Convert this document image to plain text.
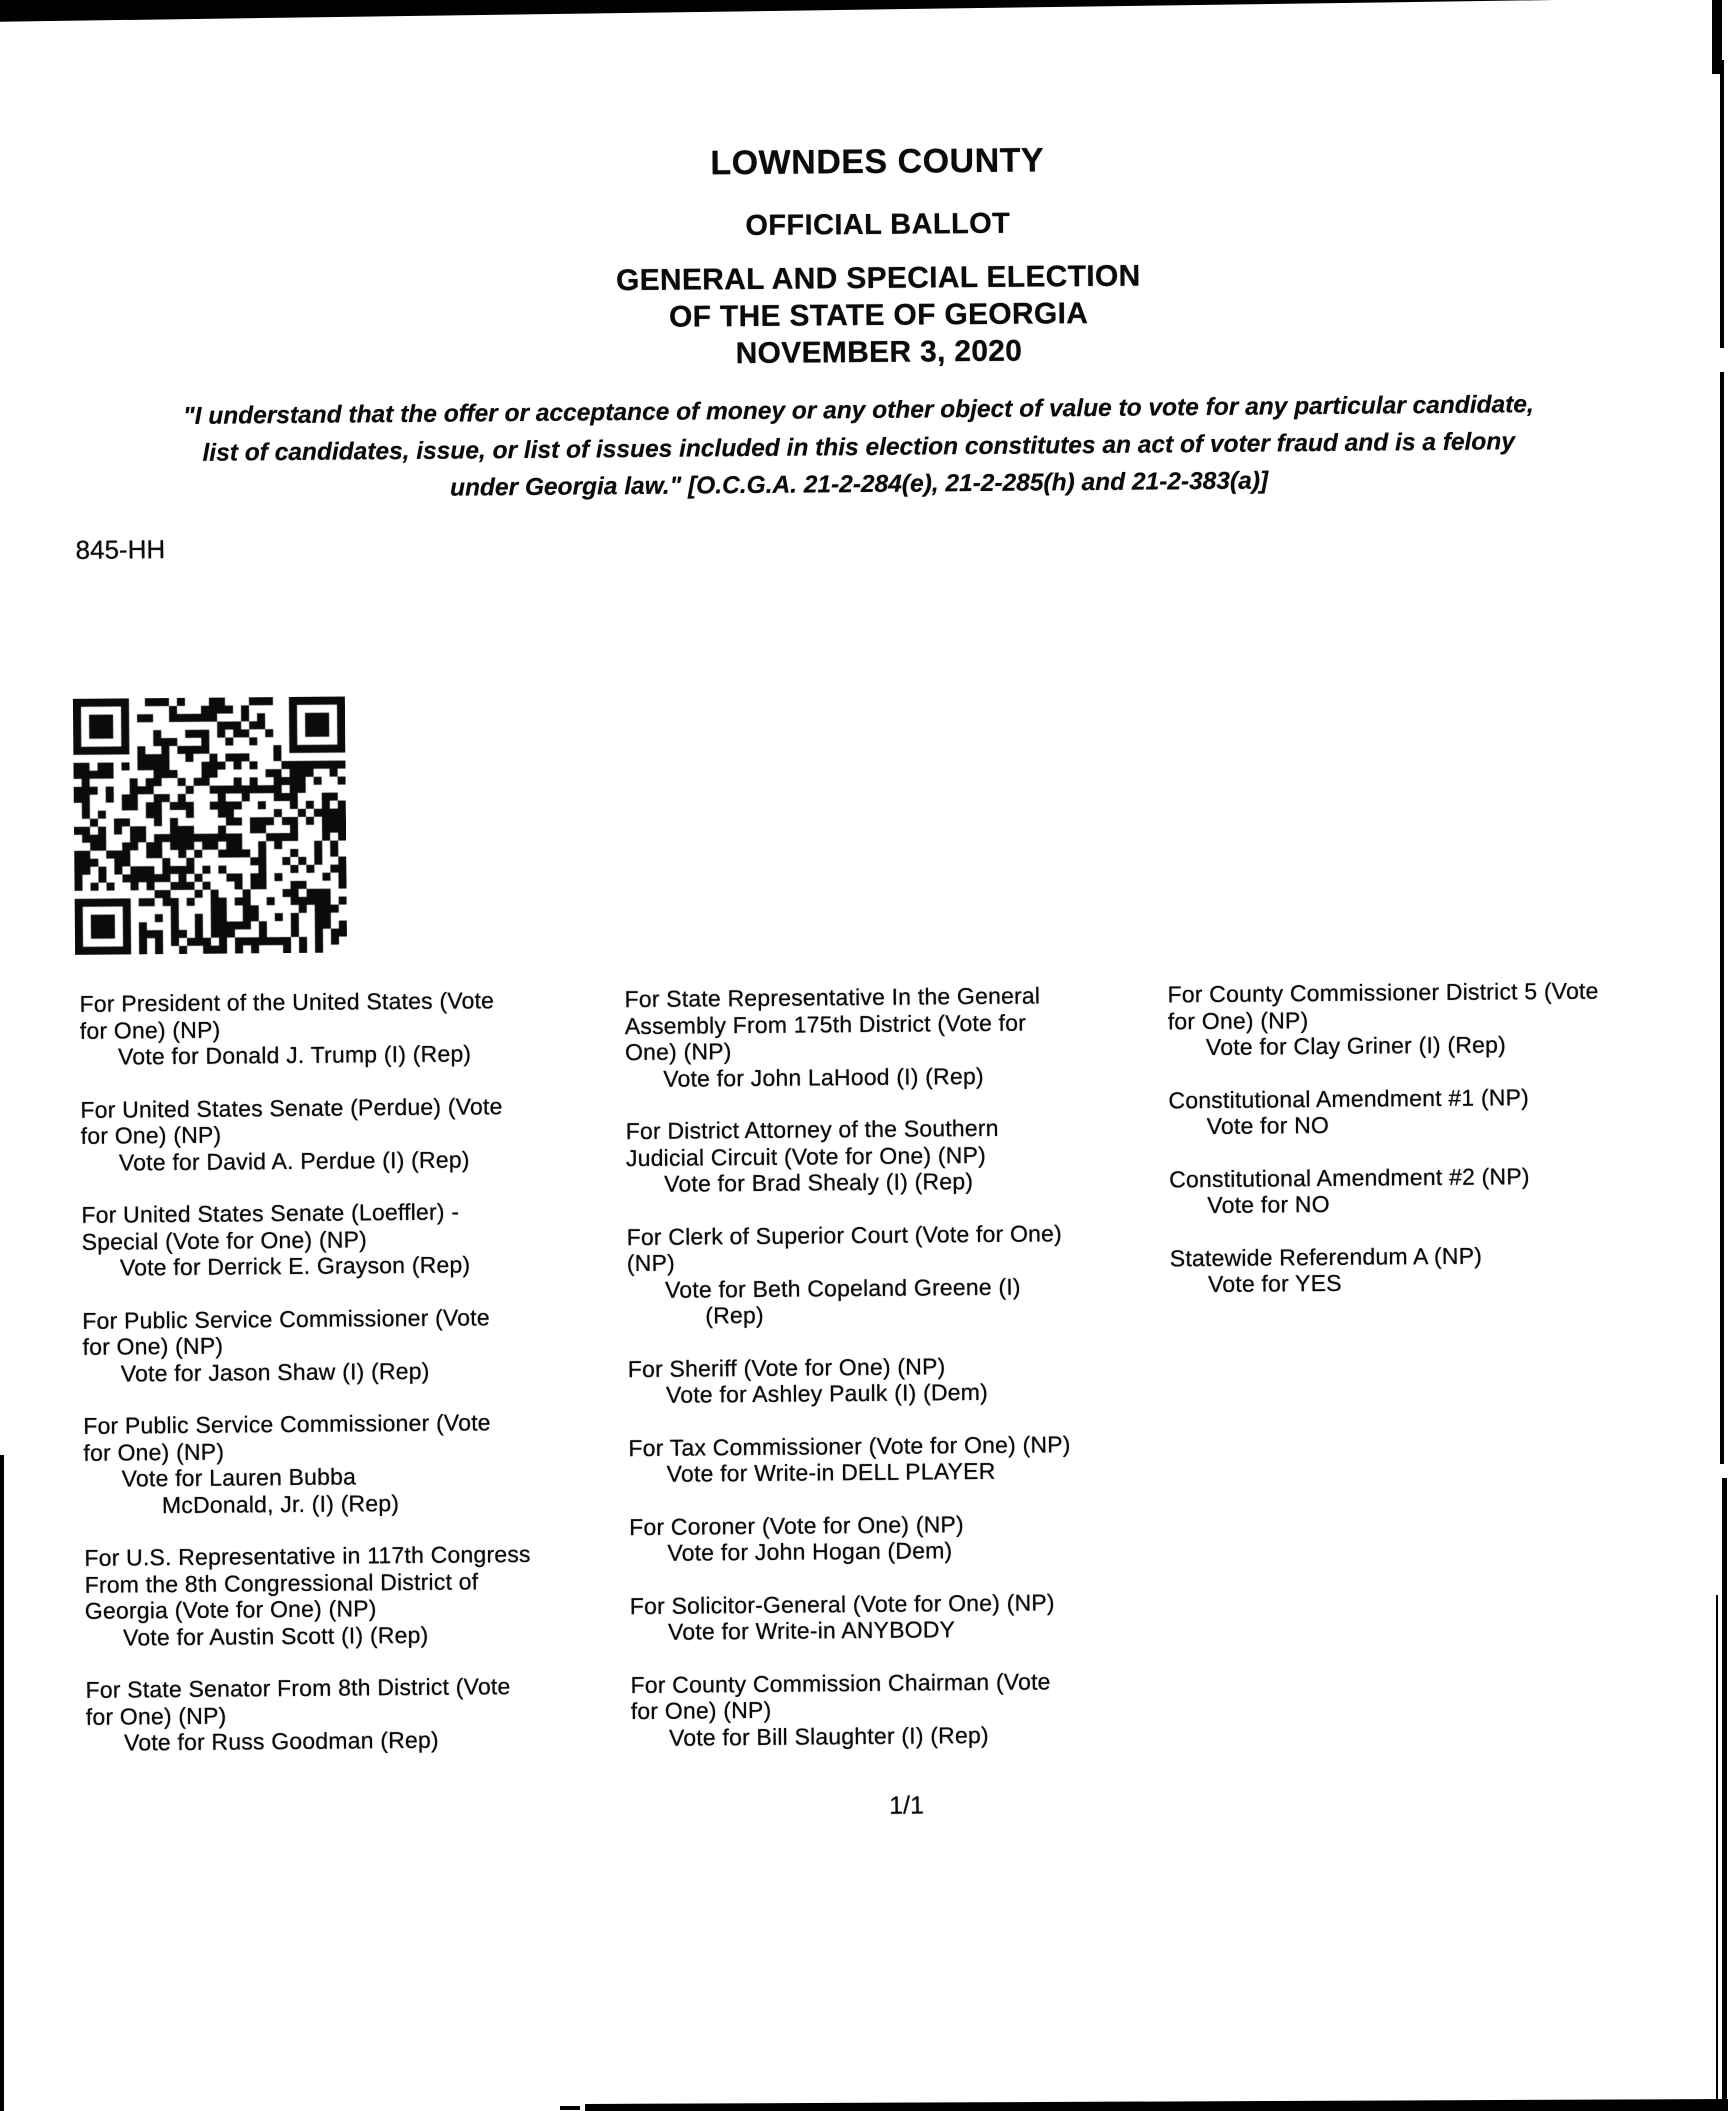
LOWNDES COUNTY
OFFICIAL BALLOT
GENERAL AND SPECIAL ELECTION
OF THE STATE OF GEORGIA
NOVEMBER 3, 2020
"I understand that the offer or acceptance of money or any other object of value to vote for any particular candidate,
list of candidates, issue, or list of issues included in this election constitutes an act of voter fraud and is a felony
under Georgia law." [O.C.G.A. 21-2-284(e), 21-2-285(h) and 21-2-383(a)]
845-HH
For President of the United States (Vote
for One) (NP)
Vote for Donald J. Trump (I) (Rep)
For United States Senate (Perdue) (Vote
for One) (NP)
Vote for David A. Perdue (I) (Rep)
For United States Senate (Loeffler) -
Special (Vote for One) (NP)
Vote for Derrick E. Grayson (Rep)
For Public Service Commissioner (Vote
for One) (NP)
Vote for Jason Shaw (I) (Rep)
For Public Service Commissioner (Vote
for One) (NP)
Vote for Lauren Bubba
McDonald, Jr. (I) (Rep)
For U.S. Representative in 117th Congress
From the 8th Congressional District of
Georgia (Vote for One) (NP)
Vote for Austin Scott (I) (Rep)
For State Senator From 8th District (Vote
for One) (NP)
Vote for Russ Goodman (Rep)
For State Representative In the General
Assembly From 175th District (Vote for
One) (NP)
Vote for John LaHood (I) (Rep)
For District Attorney of the Southern
Judicial Circuit (Vote for One) (NP)
Vote for Brad Shealy (I) (Rep)
For Clerk of Superior Court (Vote for One)
(NP)
Vote for Beth Copeland Greene (I)
(Rep)
For Sheriff (Vote for One) (NP)
Vote for Ashley Paulk (I) (Dem)
For Tax Commissioner (Vote for One) (NP)
Vote for Write-in DELL PLAYER
For Coroner (Vote for One) (NP)
Vote for John Hogan (Dem)
For Solicitor-General (Vote for One) (NP)
Vote for Write-in ANYBODY
For County Commission Chairman (Vote
for One) (NP)
Vote for Bill Slaughter (I) (Rep)
For County Commissioner District 5 (Vote
for One) (NP)
Vote for Clay Griner (I) (Rep)
Constitutional Amendment #1 (NP)
Vote for NO
Constitutional Amendment #2 (NP)
Vote for NO
Statewide Referendum A (NP)
Vote for YES
1/1
